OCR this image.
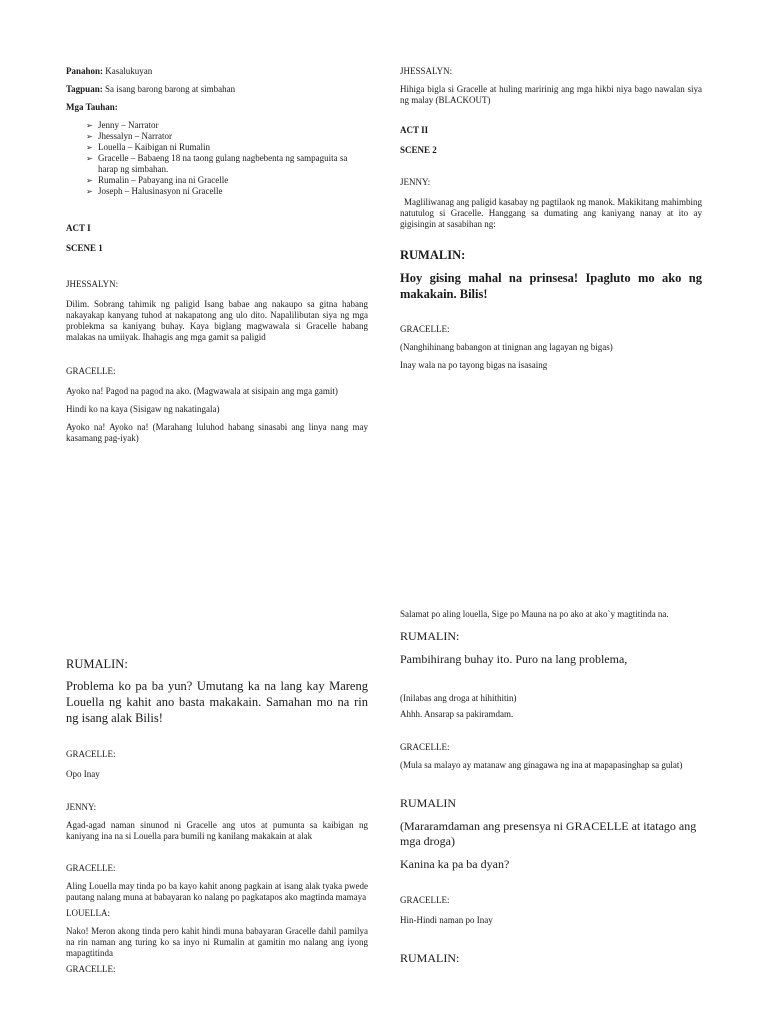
Panahon: Kasalukuyan

Tagpuan: Sa isang barong barong at simbahan

Mga Tauhan:

➢ Jenny – Narrator
➢ Jhessalyn – Narrator
➢ Louella – Kaibigan ni Rumalin
➢ Gracelle – Babaeng 18 na taong gulang nagbebenta ng sampaguita sa harap ng simbahan.
➢ Rumalin – Pabayang ina ni Gracelle
➢ Joseph – Halusinasyon ni Gracelle

ACT I

SCENE 1

JHESSALYN:

Dilim. Sobrang tahimik ng paligid Isang babae ang nakaupo sa gitna habang nakayakap kanyang tuhod at nakapatong ang ulo dito. Napalilibutan siya ng mga problekma sa kaniyang buhay. Kaya biglang magwawala si Gracelle habang malakas na umiiyak. Ihahagis ang mga gamit sa paligid

GRACELLE:

Ayoko na! Pagod na pagod na ako. (Magwawala at sisipain ang mga gamit)

Hindi ko na kaya (Sisigaw ng nakatingala)

Ayoko na! Ayoko na! (Marahang luluhod habang sinasabi ang linya nang may kasamang pag-iyak)

JHESSALYN:

Hihiga bigla si Gracelle at huling maririnig ang mga hikbi niya bago nawalan siya ng malay (BLACKOUT)

ACT II

SCENE 2

JENNY:

Magliliwanag ang paligid kasabay ng pagtilaok ng manok. Makikitang mahimbing natutulog si Gracelle. Hanggang sa dumating ang kaniyang nanay at ito ay gigisingin at sasabihan ng:

RUMALIN:

Hoy gising mahal na prinsesa! Ipagluto mo ako ng makakain. Bilis!

GRACELLE:

(Nanghihinang babangon at tinignan ang lagayan ng bigas)

Inay wala na po tayong bigas na isasaing

RUMALIN:

Problema ko pa ba yun? Umutang ka na lang kay Mareng Louella ng kahit ano basta makakain. Samahan mo na rin ng isang alak Bilis!

GRACELLE:

Opo Inay

JENNY:

Agad-agad naman sinunod ni Gracelle ang utos at pumunta sa kaibigan ng kaniyang ina na si Louella para bumili ng kanilang makakain at alak

GRACELLE:

Aling Louella may tinda po ba kayo kahit anong pagkain at isang alak tyaka pwede pautang nalang muna at babayaran ko nalang po pagkatapos ako magtinda mamaya

LOUELLA:

Nako! Meron akong tinda pero kahit hindi muna babayaran Gracelle dahil pamilya na rin naman ang turing ko sa inyo ni Rumalin at gamitin mo nalang ang iyong mapagtitinda

GRACELLE:

Salamat po aling louella, Sige po Mauna na po ako at ako`y magtitinda na.

RUMALIN:

Pambihirang buhay ito. Puro na lang problema,

(Inilabas ang droga at hihithitin)

Ahhh. Ansarap sa pakiramdam.

GRACELLE:

(Mula sa malayo ay matanaw ang ginagawa ng ina at mapapasinghap sa gulat)

RUMALIN

(Mararamdaman ang presensya ni GRACELLE at itatago ang mga droga)

Kanina ka pa ba dyan?

GRACELLE:

Hin-Hindi naman po Inay

RUMALIN:
